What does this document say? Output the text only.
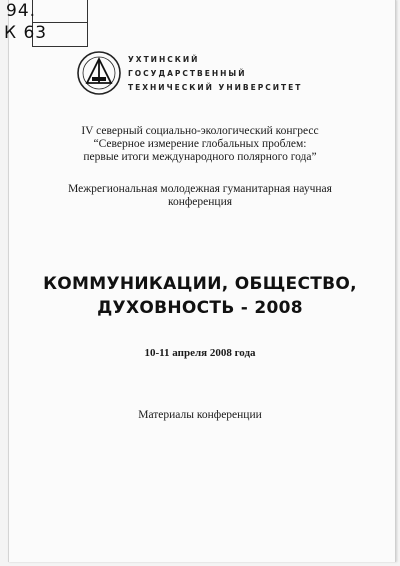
94.
К 63
УХТИНСКИЙ
ГОСУДАРСТВЕННЫЙ
ТЕХНИЧЕСКИЙ УНИВЕРСИТЕТ
IV северный социально-экологический конгресс
“Северное измерение глобальных проблем:
первые итоги международного полярного года”
Межрегиональная молодежная гуманитарная научная
конференция
КОММУНИКАЦИИ, ОБЩЕСТВО,
ДУХОВНОСТЬ - 2008
10-11 апреля 2008 года
Материалы конференции
